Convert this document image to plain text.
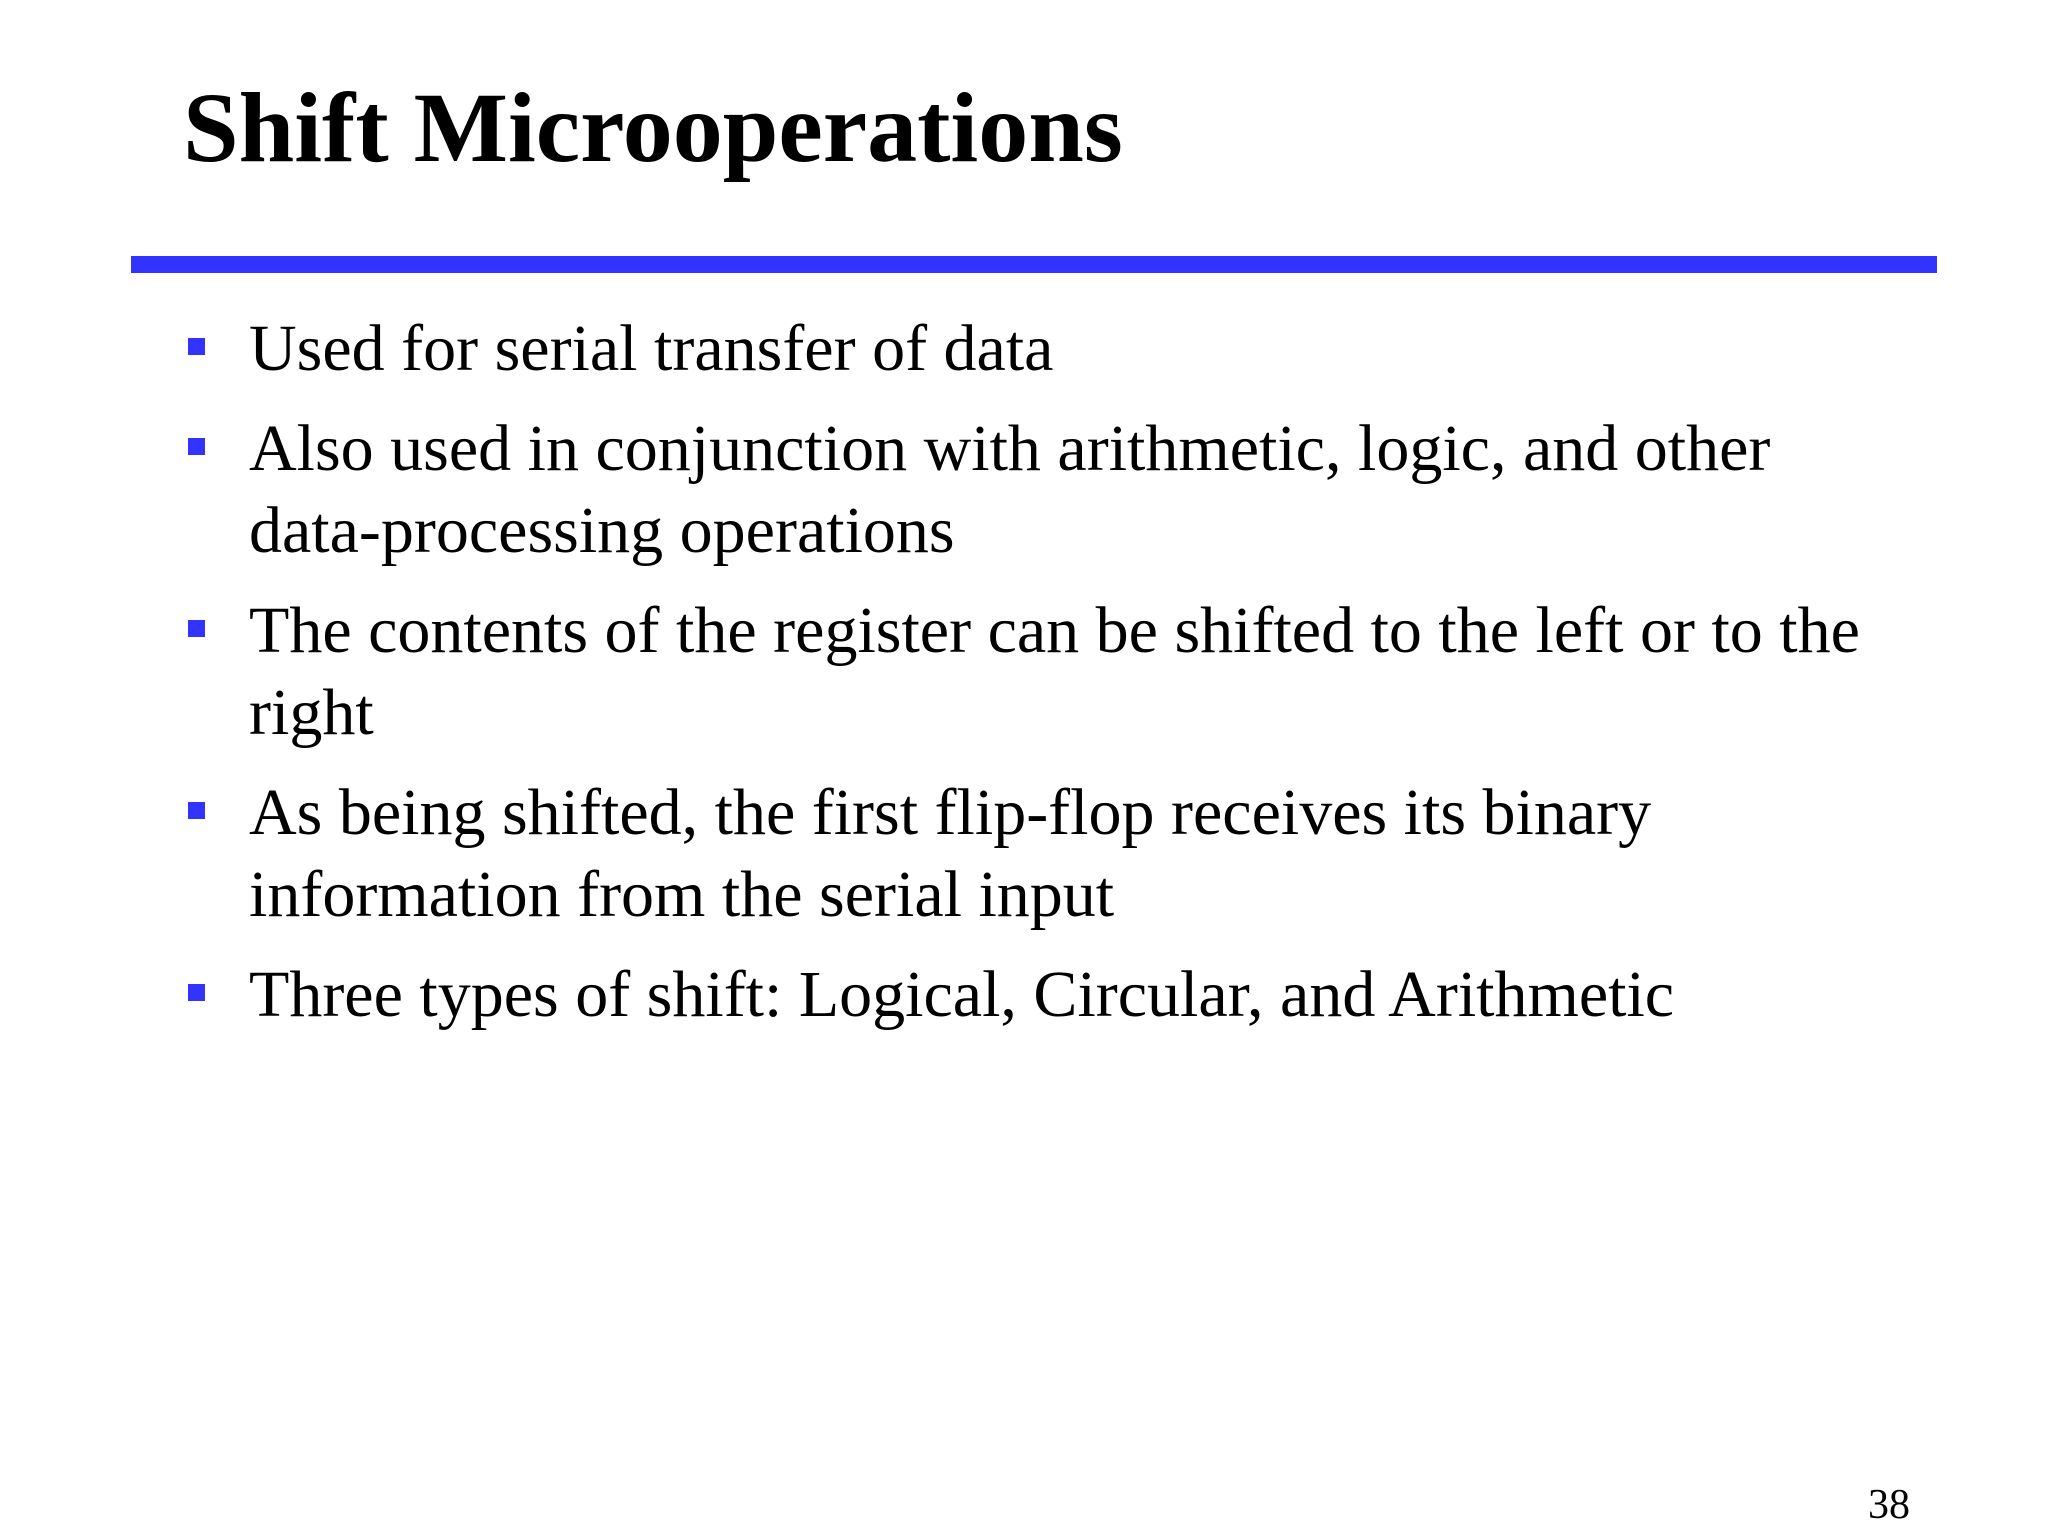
Shift Microoperations
Used for serial transfer of data
Also used in conjunction with arithmetic, logic, and other data-processing operations
The contents of the register can be shifted to the left or to the right
As being shifted, the first flip-flop receives its binary information from the serial input
Three types of shift: Logical, Circular, and Arithmetic
38
